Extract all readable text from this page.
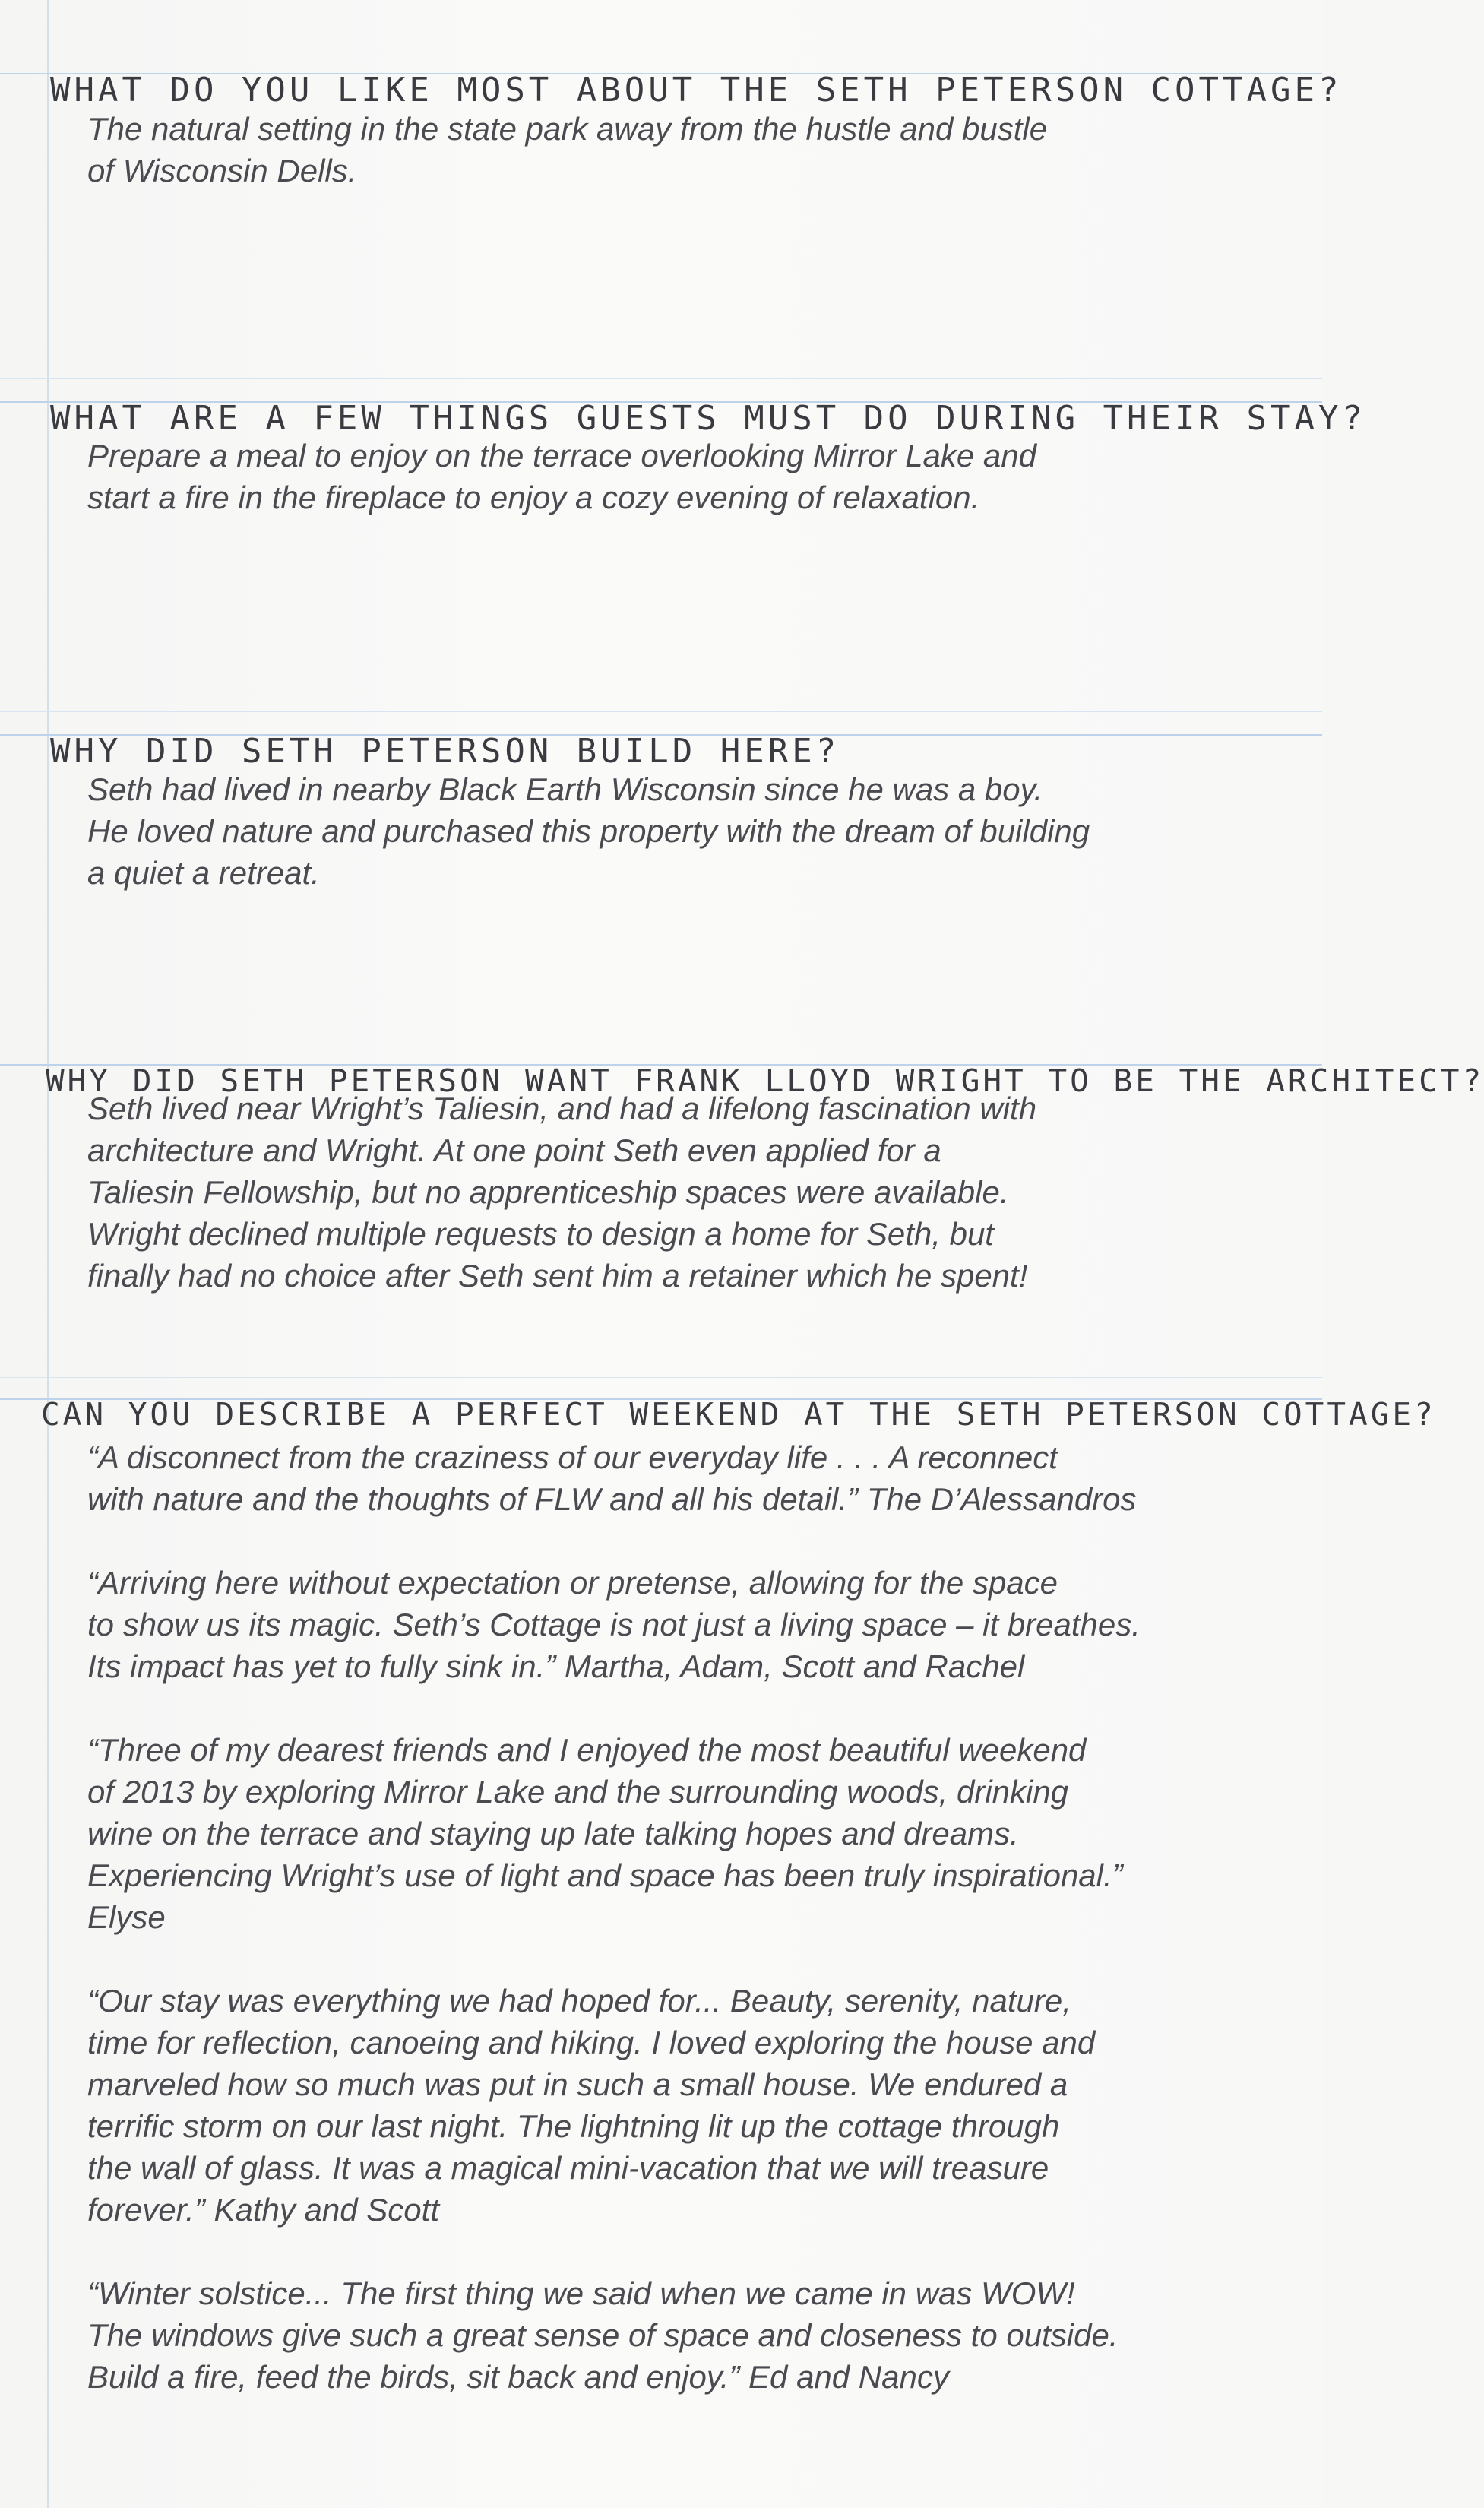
WHAT DO YOU LIKE MOST ABOUT THE SETH PETERSON COTTAGE?
The natural setting in the state park away from the hustle and bustle
of Wisconsin Dells.
WHAT ARE A FEW THINGS GUESTS MUST DO DURING THEIR STAY?
Prepare a meal to enjoy on the terrace overlooking Mirror Lake and
start a fire in the fireplace to enjoy a cozy evening of relaxation.
WHY DID SETH PETERSON BUILD HERE?
Seth had lived in nearby Black Earth Wisconsin since he was a boy.
He loved nature and purchased this property with the dream of building
a quiet a retreat.
WHY DID SETH PETERSON WANT FRANK LLOYD WRIGHT TO BE THE ARCHITECT?
Seth lived near Wright’s Taliesin, and had a lifelong fascination with
architecture and Wright. At one point Seth even applied for a
Taliesin Fellowship, but no apprenticeship spaces were available.
Wright declined multiple requests to design a home for Seth, but
finally had no choice after Seth sent him a retainer which he spent!
CAN YOU DESCRIBE A PERFECT WEEKEND AT THE SETH PETERSON COTTAGE?
“A disconnect from the craziness of our everyday life . . . A reconnect
with nature and the thoughts of FLW and all his detail.” The D’Alessandros
“Arriving here without expectation or pretense, allowing for the space
to show us its magic. Seth’s Cottage is not just a living space – it breathes.
Its impact has yet to fully sink in.” Martha, Adam, Scott and Rachel
“Three of my dearest friends and I enjoyed the most beautiful weekend
of 2013 by exploring Mirror Lake and the surrounding woods, drinking
wine on the terrace and staying up late talking hopes and dreams.
Experiencing Wright’s use of light and space has been truly inspirational.”
Elyse
“Our stay was everything we had hoped for... Beauty, serenity, nature,
time for reflection, canoeing and hiking. I loved exploring the house and
marveled how so much was put in such a small house. We endured a
terrific storm on our last night. The lightning lit up the cottage through
the wall of glass. It was a magical mini-vacation that we will treasure
forever.” Kathy and Scott
“Winter solstice... The first thing we said when we came in was WOW!
The windows give such a great sense of space and closeness to outside.
Build a fire, feed the birds, sit back and enjoy.” Ed and Nancy
